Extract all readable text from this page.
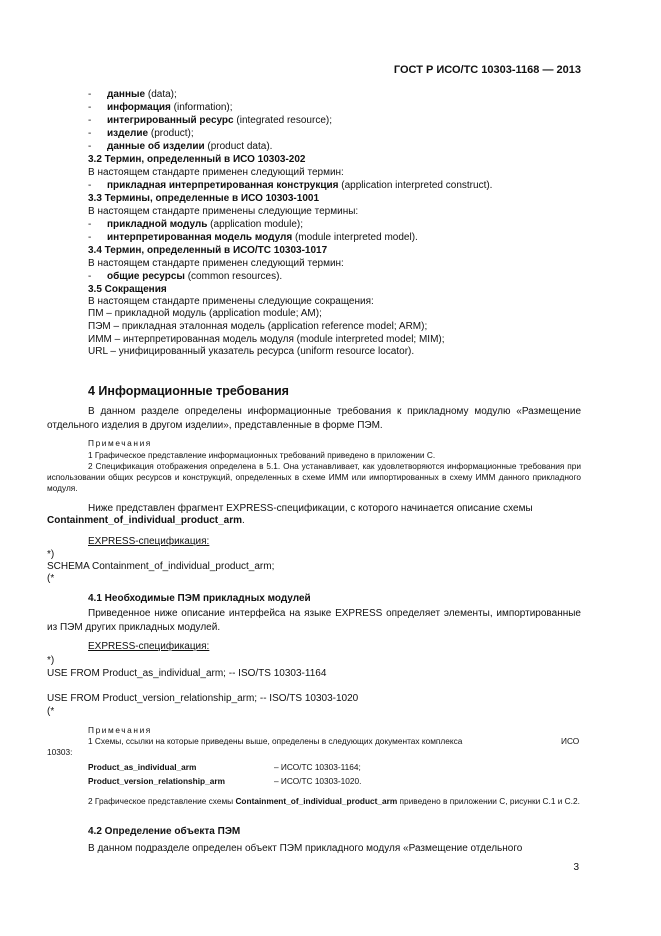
ГОСТ Р ИСО/ТС 10303-1168 — 2013
- данные (data);
- информация (information);
- интегрированный ресурс (integrated resource);
- изделие (product);
- данные об изделии (product data).
3.2 Термин, определенный в ИСО 10303-202
В настоящем стандарте применен следующий термин:
- прикладная интерпретированная конструкция (application interpreted construct).
3.3 Термины, определенные в ИСО 10303-1001
В настоящем стандарте применены следующие термины:
- прикладной модуль (application module);
- интерпретированная модель модуля (module interpreted model).
3.4 Термин, определенный в ИСО/ТС 10303-1017
В настоящем стандарте применен следующий термин:
- общие ресурсы (common resources).
3.5 Сокращения
В настоящем стандарте применены следующие сокращения:
ПМ – прикладной модуль (application module; AM);
ПЭМ – прикладная эталонная модель (application reference model; ARM);
ИММ – интерпретированная модель модуля (module interpreted model; MIM);
URL – унифицированный указатель ресурса (uniform resource locator).
4 Информационные требования
В данном разделе определены информационные требования к прикладному модулю «Размещение отдельного изделия в другом изделии», представленные в форме ПЭМ.
Примечания
1 Графическое представление информационных требований приведено в приложении С.
2 Спецификация отображения определена в 5.1. Она устанавливает, как удовлетворяются информационные требования при использовании общих ресурсов и конструкций, определенных в схеме ИММ или импортированных в схему ИММ данного прикладного модуля.
Ниже представлен фрагмент EXPRESS-спецификации, с которого начинается описание схемы
Containment_of_individual_product_arm.
EXPRESS-спецификация:
*)
SCHEMA Containment_of_individual_product_arm;
(*
4.1 Необходимые ПЭМ прикладных модулей
Приведенное ниже описание интерфейса на языке EXPRESS определяет элементы, импортированные из ПЭМ других прикладных модулей.
EXPRESS-спецификация:
*)
USE FROM Product_as_individual_arm; -- ISO/TS 10303-1164
USE FROM Product_version_relationship_arm; -- ISO/TS 10303-1020
(*
Примечания
1 Схемы, ссылки на которые приведены выше, определены в следующих документах комплекса	ИСО
10303:
Product_as_individual_arm	– ИСО/ТС 10303-1164;
Product_version_relationship_arm	– ИСО/ТС 10303-1020.
2 Графическое представление схемы Containment_of_individual_product_arm приведено в приложении С, рисунки С.1 и С.2.
4.2 Определение объекта ПЭМ
В данном подразделе определен объект ПЭМ прикладного модуля «Размещение отдельного
3
